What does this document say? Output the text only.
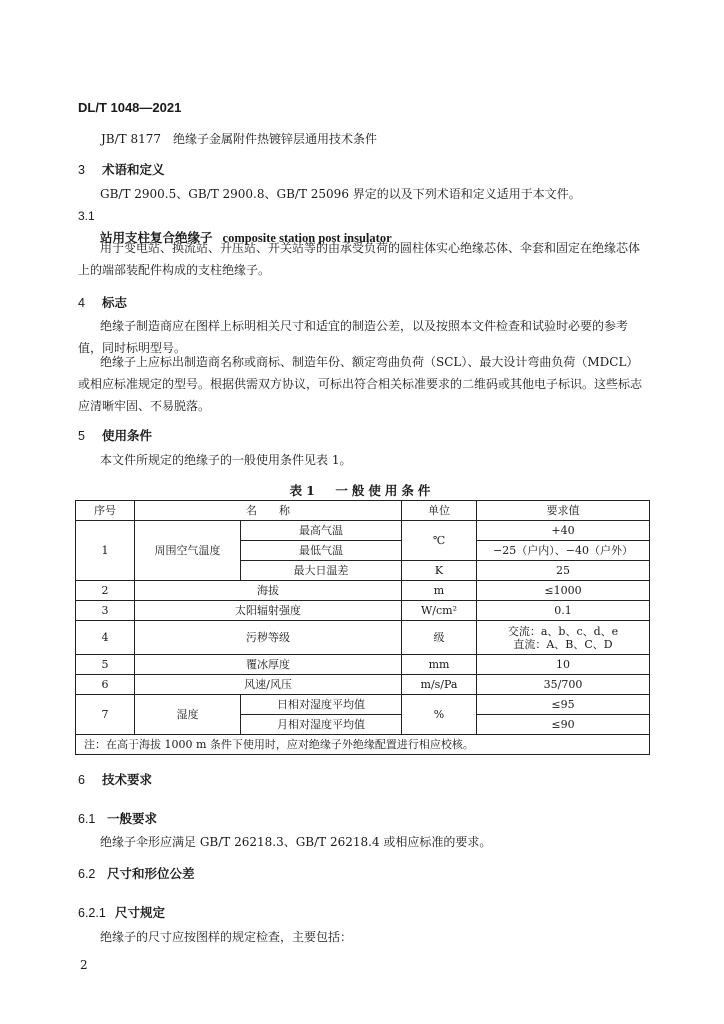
DL/T 1048—2021
JB/T 8177　绝缘子金属附件热镀锌层通用技术条件
3 术语和定义
GB/T 2900.5、GB/T 2900.8、GB/T 25096 界定的以及下列术语和定义适用于本文件。
3.1
站用支柱复合绝缘子 composite station post insulator
用于变电站、换流站、升压站、开关站等的由承受负荷的圆柱体实心绝缘芯体、伞套和固定在绝缘芯体上的端部装配件构成的支柱绝缘子。
4 标志
绝缘子制造商应在图样上标明相关尺寸和适宜的制造公差，以及按照本文件检查和试验时必要的参考值，同时标明型号。
绝缘子上应标出制造商名称或商标、制造年份、额定弯曲负荷（SCL）、最大设计弯曲负荷（MDCL）或相应标准规定的型号。根据供需双方协议，可标出符合相关标准要求的二维码或其他电子标识。这些标志应清晰牢固、不易脱落。
5 使用条件
本文件所规定的绝缘子的一般使用条件见表 1。
表1　一般使用条件
序号	名　　称		单位	要求值
1	周围空气温度	最高气温	℃	+40
		最低气温		−25（户内）、−40（户外）
		最大日温差	K	25
2	海拔		m	≤1000
3	太阳辐射强度		W/cm²	0.1
4	污秽等级		级	交流：a、b、c、d、e
直流：A、B、C、D

5	覆冰厚度		mm	10
6	风速/风压		m/s/Pa	35/700
7	湿度	日相对湿度平均值	%	≤95
		月相对湿度平均值		≤90
注：在高于海拔 1000 m 条件下使用时，应对绝缘子外绝缘配置进行相应校核。				
6 技术要求
6.1 一般要求
绝缘子伞形应满足 GB/T 26218.3、GB/T 26218.4 或相应标准的要求。
6.2 尺寸和形位公差
6.2.1 尺寸规定
绝缘子的尺寸应按图样的规定检查，主要包括：
2
